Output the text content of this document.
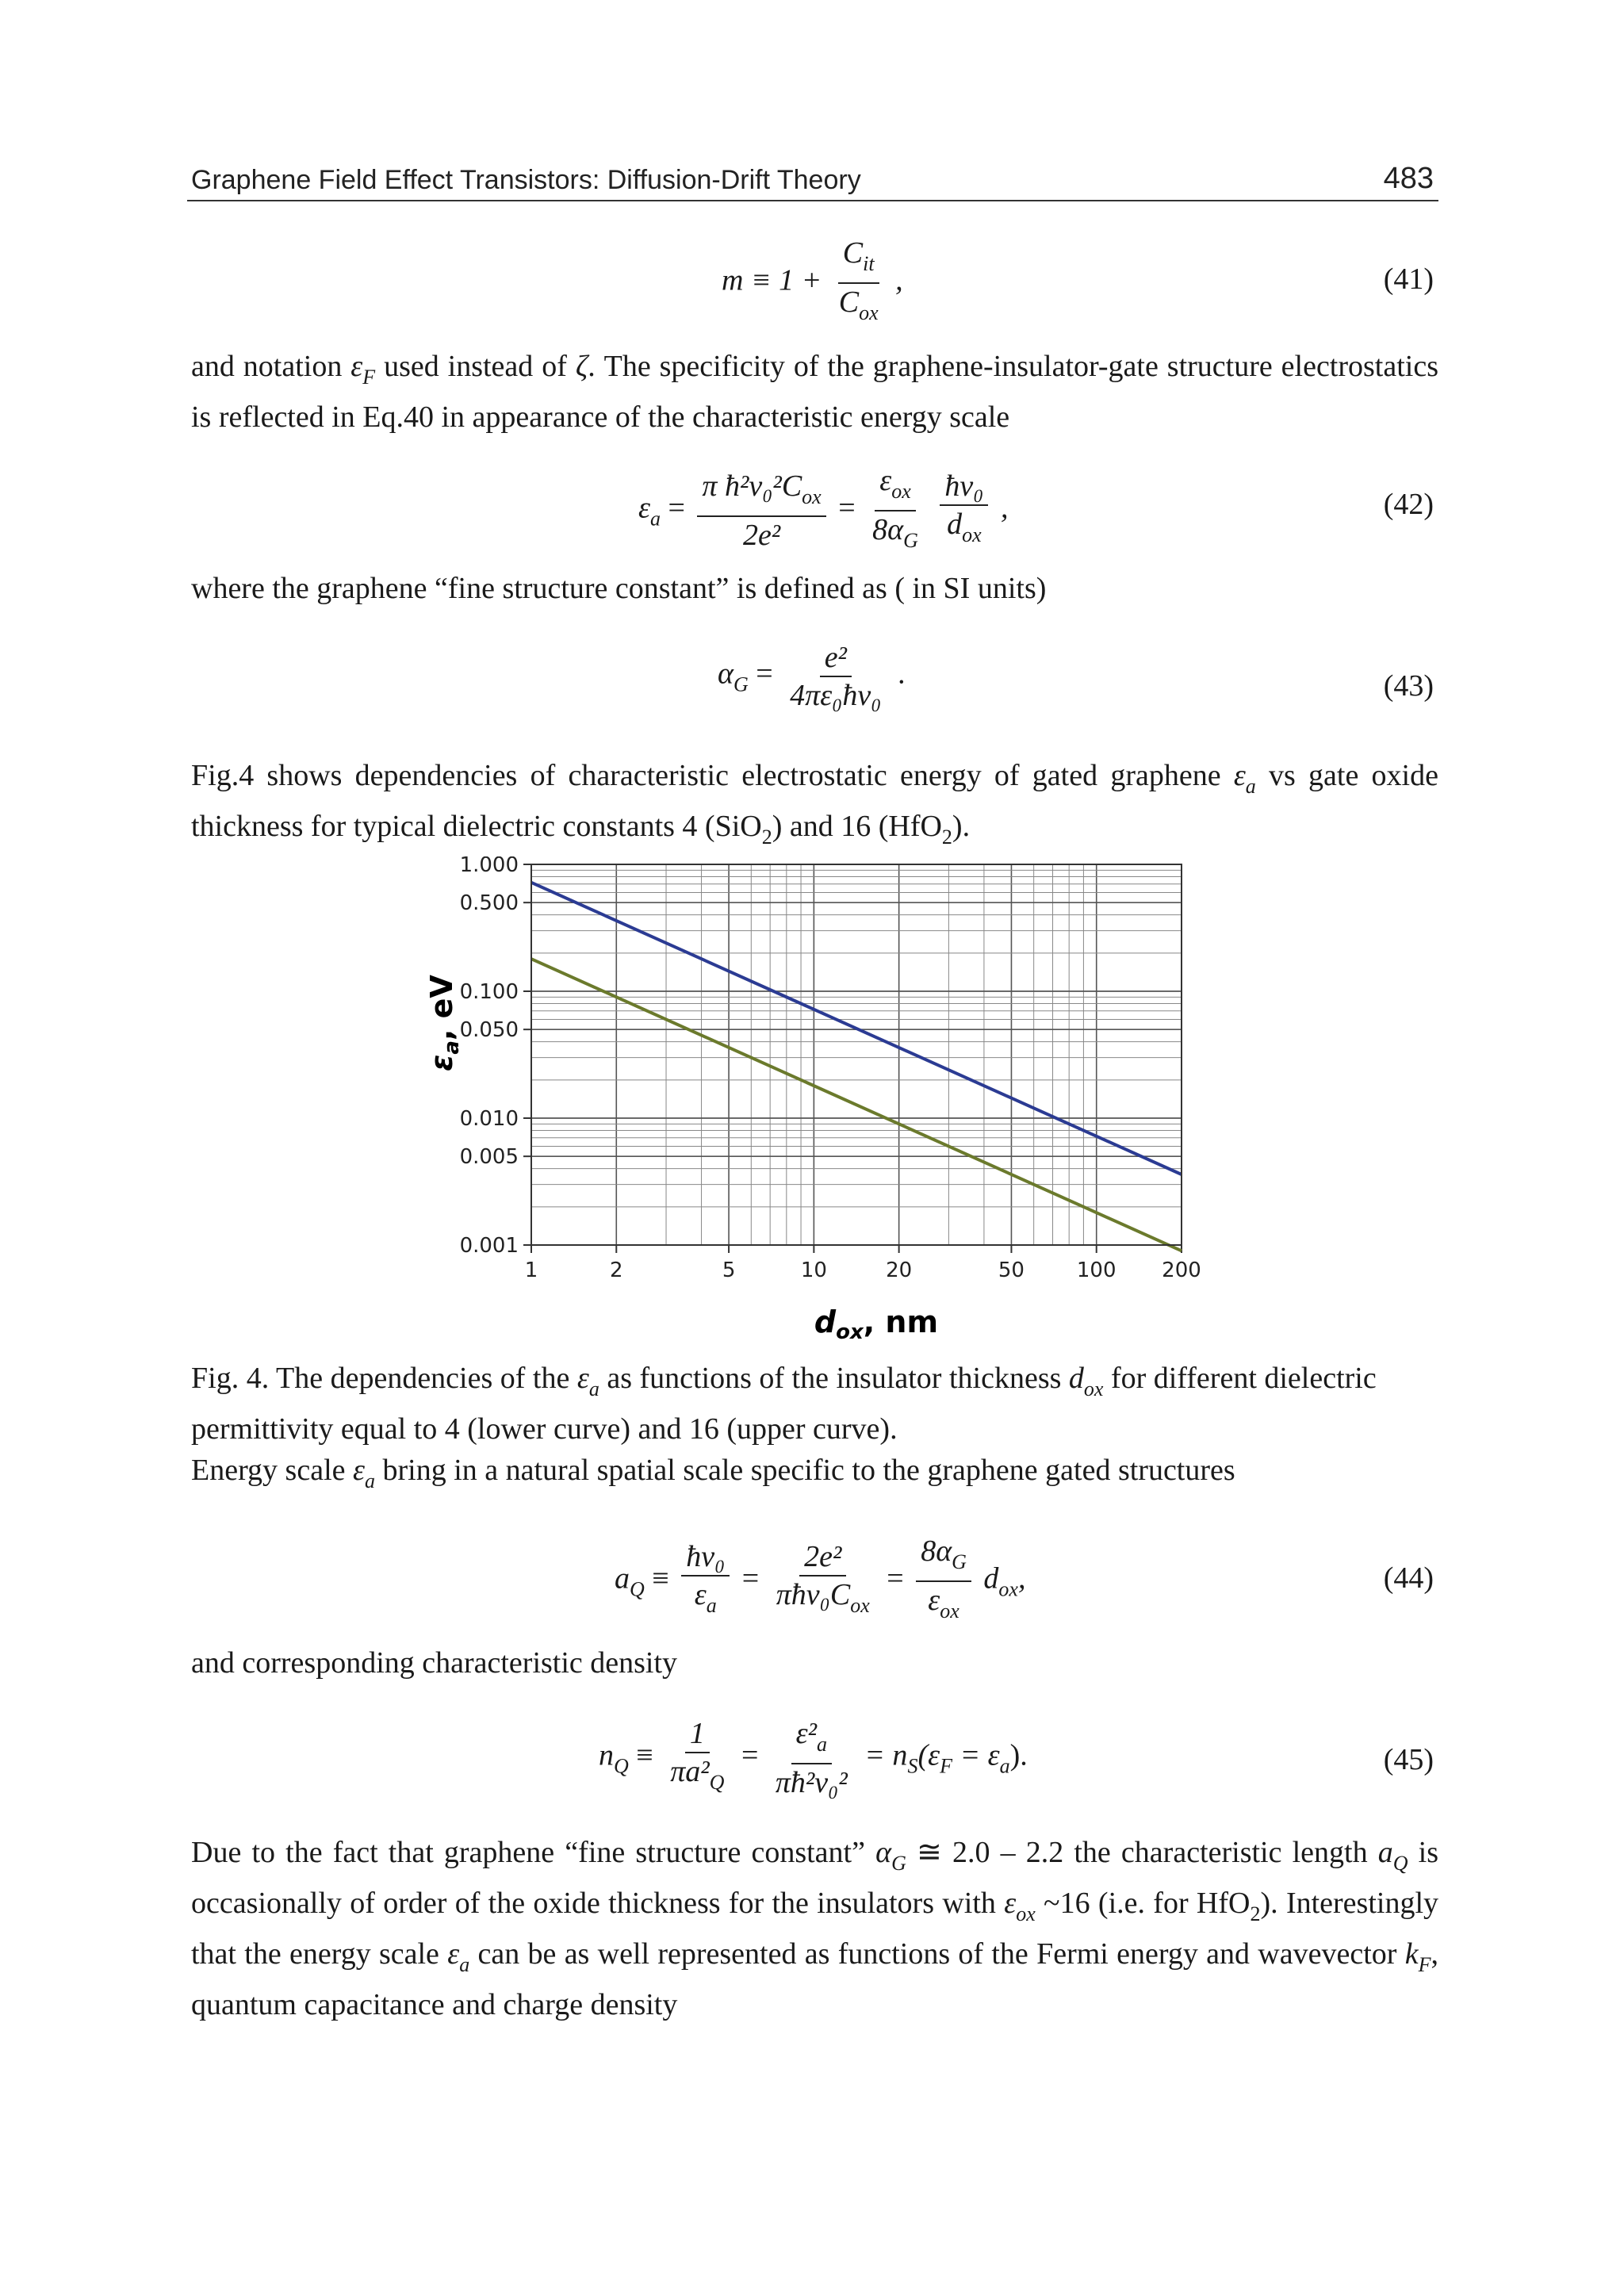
Graphene Field Effect Transistors: Diffusion-Drift Theory	483
$m \equiv 1 + \frac{C_{it}}{C_{ox}}$ ,	(41)

and notation $\varepsilon_F$ used instead of ζ. The specificity of the graphene-insulator-gate structure electrostatics is reflected in Eq.40 in appearance of the characteristic energy scale

$\varepsilon_a = \frac{\pi ħ^2v_0^2C_{ox}}{\text{2e²}} = \frac{\varepsilon_{ox}}{8\alpha_G}$
$\frac{\text{ħv₀}}{d_{ox}}$ ,	(42)

where the graphene “fine structure constant” is defined as ( in SI units)

$\alpha_G = \frac{\text{e²}}{\text{4πε₀ħv₀}}$ .	(43)

Fig.4 shows dependencies of characteristic electrostatic energy of gated graphene $\varepsilon_a$ vs gate oxide thickness for typical dielectric constants 4 (SiO$_2$) and 16 (HfO$_2$).

1	2	5	10	20	50	100 200
0.001
0.005
0.010
0.050
0.100
0.500
1.000
$d_{ox}$, nm
$\varepsilon_a$, eV
Fig. 4. The dependencies of the $\varepsilon_a$ as functions of the insulator thickness $d_{ox}$ for different dielectric permittivity equal to 4 (lower curve) and 16 (upper curve).

Energy scale $\varepsilon_a$ bring in a natural spatial scale specific to the graphene gated structures

$a_Q \equiv \frac{\text{ħv₀}}{\varepsilon_a} = \frac{\text{2e²}}{\pi ħv_0C_{ox}} = \frac{8\alpha_G}{\varepsilon_{ox}} d_{ox}$,	(44)

and corresponding characteristic density

$n_Q \equiv \frac{1}{\pi a^2_Q} = \frac{\varepsilon^2_a}{\text{πħ²v₀²}} = n_S(\varepsilon_F = \varepsilon_a)$.	(45)

Due to the fact that graphene “fine structure constant” $\alpha_G$ ≅ 2.0 – 2.2 the characteristic length $a_Q$ is occasionally of order of the oxide thickness for the insulators with $\varepsilon_{ox}$ ~16 (i.e. for HfO$_2$). Interestingly that the energy scale $\varepsilon_a$ can be as well represented as functions of the Fermi energy and wavevector $k_F$, quantum capacitance and charge density
